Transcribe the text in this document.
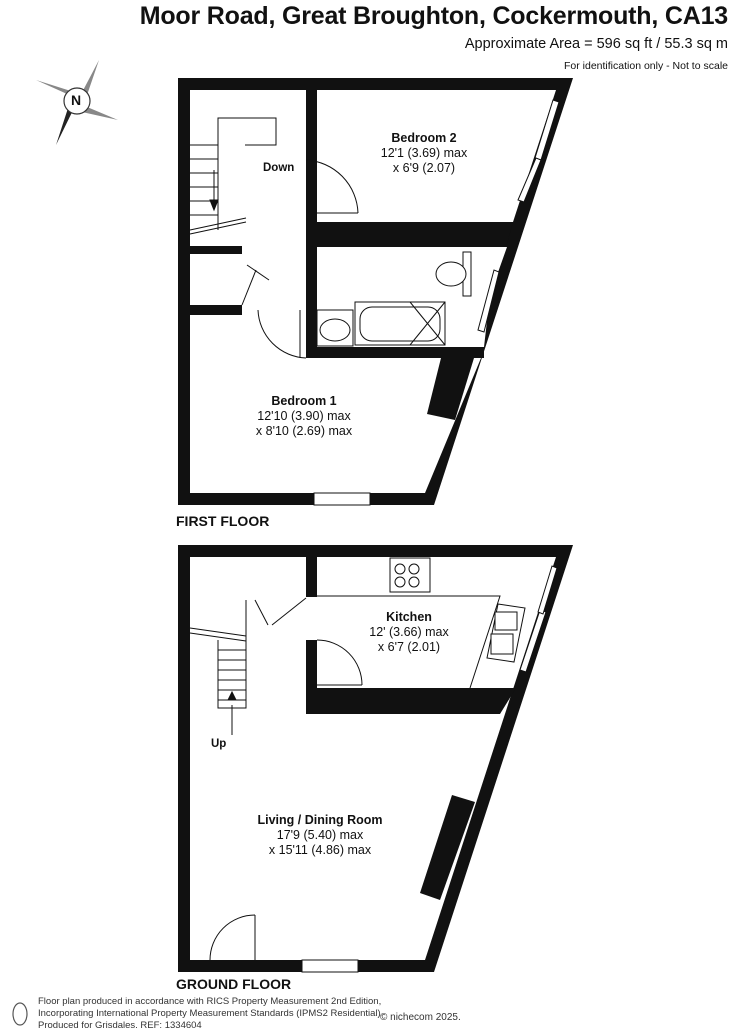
Moor Road, Great Broughton, Cockermouth, CA13
Approximate Area = 596 sq ft / 55.3 sq m
For identification only - Not to scale
N
Down
Bedroom 2
12'1 (3.69) max
x 6'9 (2.07)
Bedroom 1
12'10 (3.90) max
x 8'10 (2.69) max
FIRST FLOOR
Kitchen
12' (3.66) max
x 6'7 (2.01)
Up
Living / Dining Room
17'9 (5.40) max
x 15'11 (4.86) max
GROUND FLOOR
Floor plan produced in accordance with RICS Property Measurement 2nd Edition,
Incorporating International Property Measurement Standards (IPMS2 Residential).
Produced for Grisdales. REF: 1334604
© nichecom 2025.
